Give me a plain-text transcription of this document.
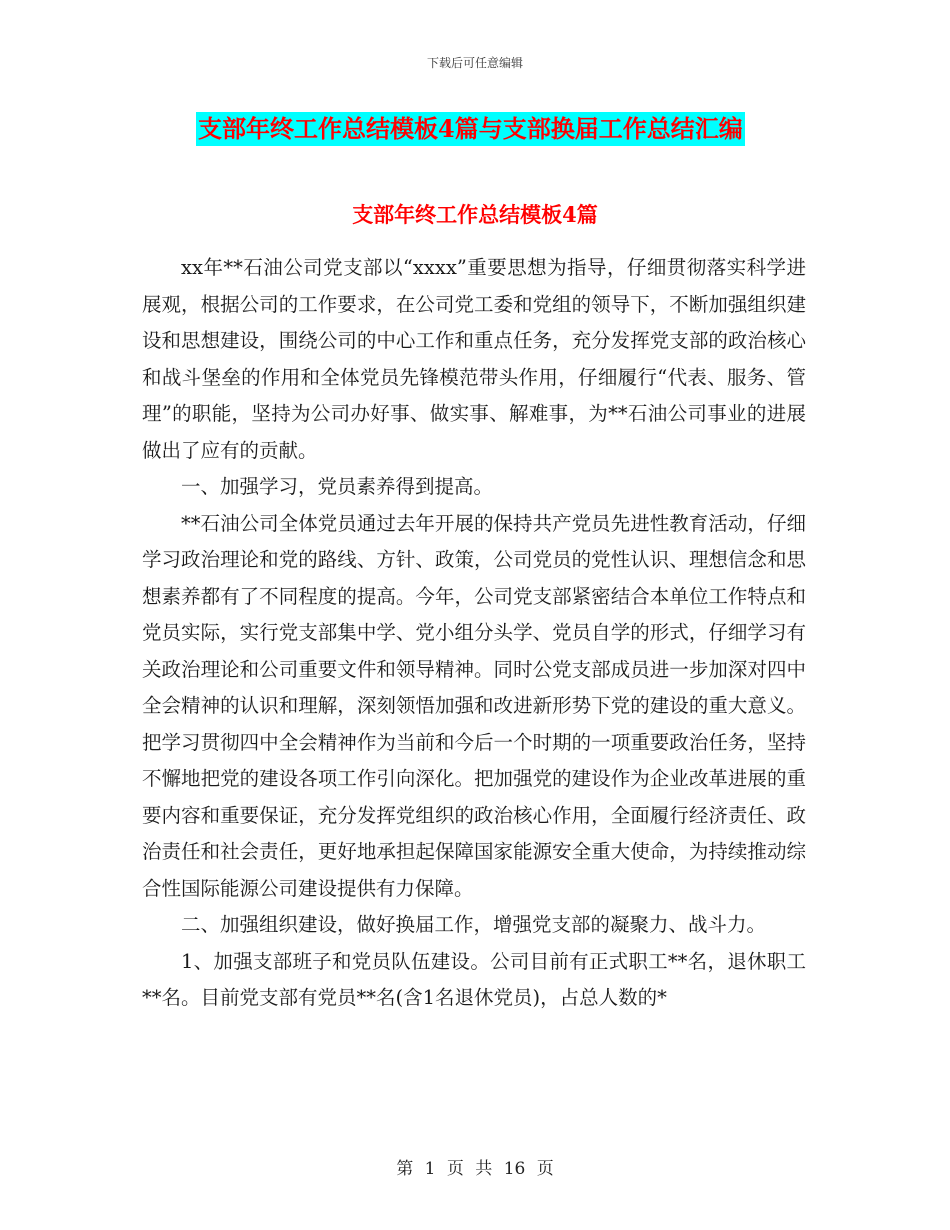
下载后可任意编辑
支部年终工作总结模板4篇与支部换届工作总结汇编
支部年终工作总结模板4篇

xx年**石油公司党支部以“xxxx”重要思想为指导，仔细贯彻落实科学进展观，根据公司的工作要求，在公司党工委和党组的领导下，不断加强组织建设和思想建设，围绕公司的中心工作和重点任务，充分发挥党支部的政治核心和战斗堡垒的作用和全体党员先锋模范带头作用，仔细履行“代表、服务、管理”的职能，坚持为公司办好事、做实事、解难事，为**石油公司事业的进展做出了应有的贡献。

一、加强学习，党员素养得到提高。

**石油公司全体党员通过去年开展的保持共产党员先进性教育活动，仔细学习政治理论和党的路线、方针、政策，公司党员的党性认识、理想信念和思想素养都有了不同程度的提高。今年，公司党支部紧密结合本单位工作特点和党员实际，实行党支部集中学、党小组分头学、党员自学的形式，仔细学习有关政治理论和公司重要文件和领导精神。同时公党支部成员进一步加深对四中全会精神的认识和理解，深刻领悟加强和改进新形势下党的建设的重大意义。把学习贯彻四中全会精神作为当前和今后一个时期的一项重要政治任务，坚持不懈地把党的建设各项工作引向深化。把加强党的建设作为企业改革进展的重要内容和重要保证，充分发挥党组织的政治核心作用，全面履行经济责任、政治责任和社会责任，更好地承担起保障国家能源安全重大使命，为持续推动综合性国际能源公司建设提供有力保障。

二、加强组织建设，做好换届工作，增强党支部的凝聚力、战斗力。

1、加强支部班子和党员队伍建设。公司目前有正式职工**名，退休职工**名。目前党支部有党员**名(含1名退休党员)，占总人数的*

第 1 页 共 16 页
